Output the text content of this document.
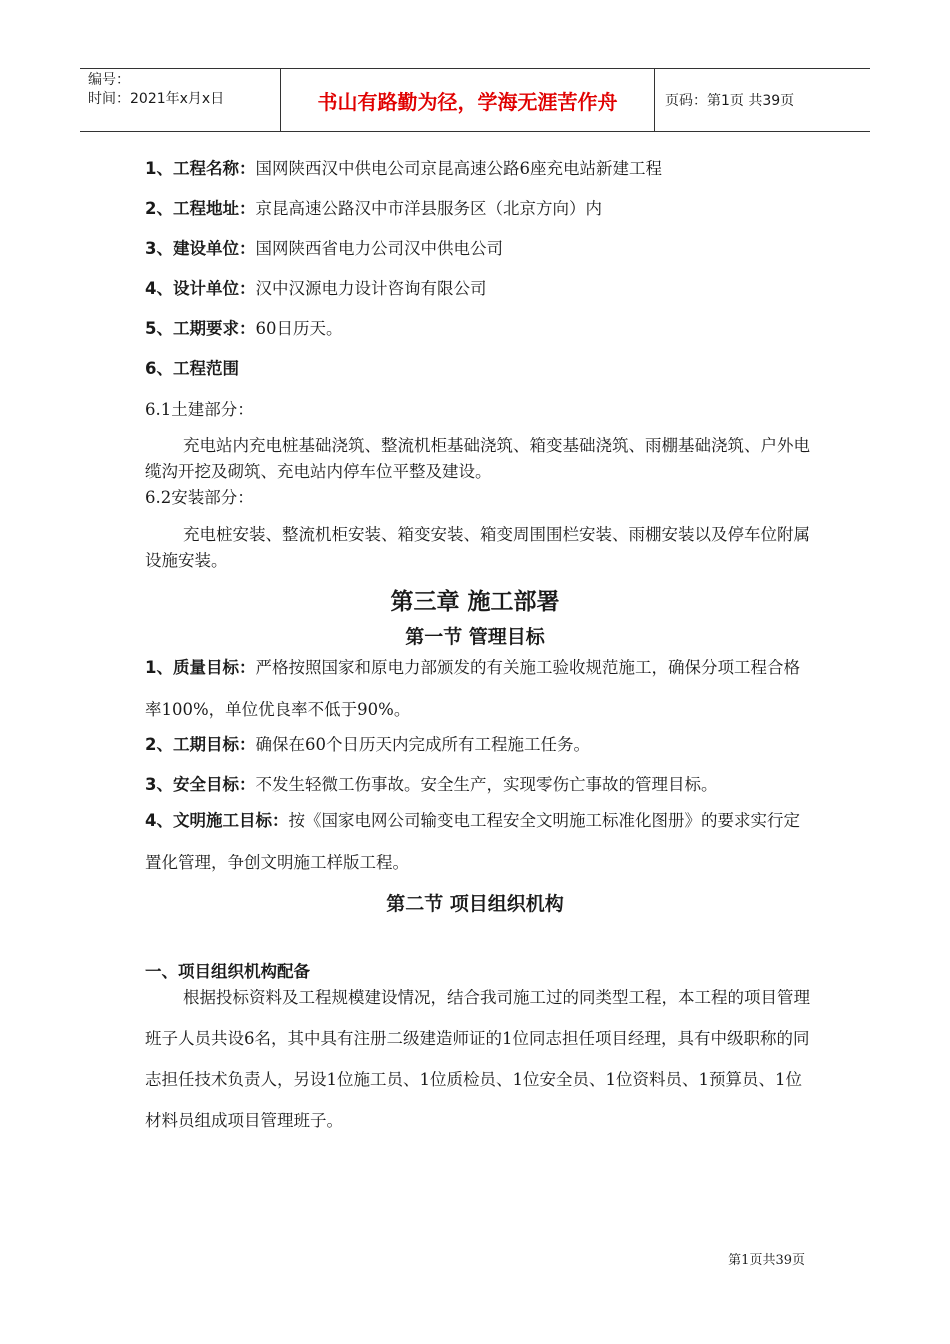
编号：
时间：2021年x月x日	书山有路勤为径，学海无涯苦作舟	页码：第1页 共39页
1、工程名称：国网陕西汉中供电公司京昆高速公路6座充电站新建工程
2、工程地址：京昆高速公路汉中市洋县服务区（北京方向）内
3、建设单位：国网陕西省电力公司汉中供电公司
4、设计单位：汉中汉源电力设计咨询有限公司
5、工期要求：60日历天。
6、工程范围
6.1土建部分：
充电站内充电桩基础浇筑、整流机柜基础浇筑、箱变基础浇筑、雨棚基础浇筑、户外电缆沟开挖及砌筑、充电站内停车位平整及建设。
6.2安装部分：
充电桩安装、整流机柜安装、箱变安装、箱变周围围栏安装、雨棚安装以及停车位附属设施安装。
第三章 施工部署
第一节 管理目标
1、质量目标：严格按照国家和原电力部颁发的有关施工验收规范施工，确保分项工程合格率100%，单位优良率不低于90%。
2、工期目标：确保在60个日历天内完成所有工程施工任务。
3、安全目标：不发生轻微工伤事故。安全生产，实现零伤亡事故的管理目标。
4、文明施工目标：按《国家电网公司输变电工程安全文明施工标准化图册》的要求实行定置化管理，争创文明施工样版工程。
第二节 项目组织机构
一、项目组织机构配备
根据投标资料及工程规模建设情况，结合我司施工过的同类型工程，本工程的项目管理班子人员共设6名，其中具有注册二级建造师证的1位同志担任项目经理，具有中级职称的同志担任技术负责人，另设1位施工员、1位质检员、1位安全员、1位资料员、1预算员、1位材料员组成项目管理班子。
第1页共39页
